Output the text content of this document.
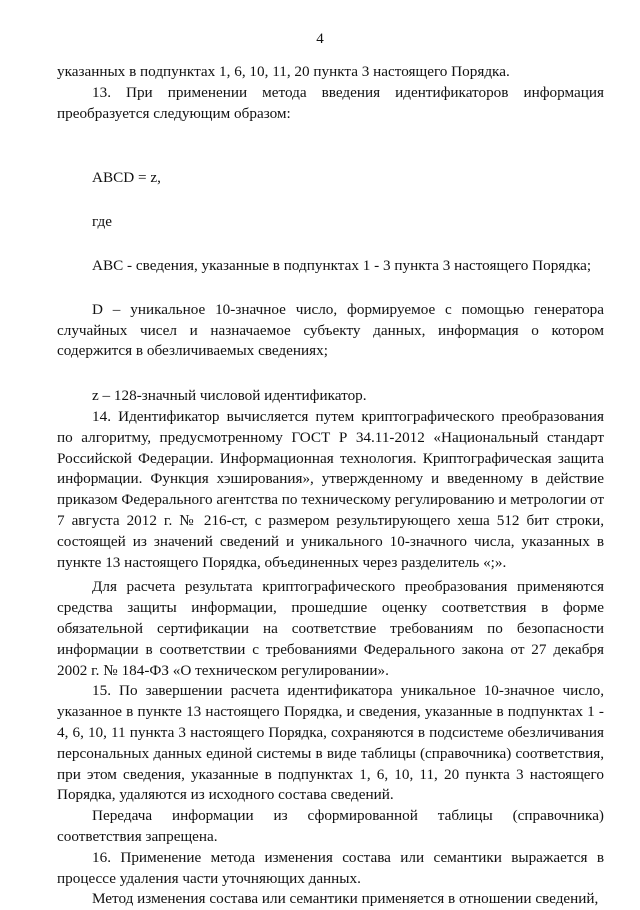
4

указанных в подпунктах 1, 6, 10, 11, 20 пункта 3 настоящего Порядка.

13. При применении метода введения идентификаторов информация преобразуется следующим образом:

ABCD = z,

где

ABC - сведения, указанные в подпунктах 1 - 3 пункта 3 настоящего Порядка;

D – уникальное 10-значное число, формируемое с помощью генератора случайных чисел и назначаемое субъекту данных, информация о котором содержится в обезличиваемых сведениях;

z – 128-значный числовой идентификатор.

14. Идентификатор вычисляется путем криптографического преобразования по алгоритму, предусмотренному ГОСТ Р 34.11-2012 «Национальный стандарт Российской Федерации. Информационная технология. Криптографическая защита информации. Функция хэширования», утвержденному и введенному в действие приказом Федерального агентства по техническому регулированию и метрологии от 7 августа 2012 г. № 216-ст, с размером результирующего хеша 512 бит строки, состоящей из значений сведений и уникального 10-значного числа, указанных в пункте 13 настоящего Порядка, объединенных через разделитель «;».

Для расчета результата криптографического преобразования применяются средства защиты информации, прошедшие оценку соответствия в форме обязательной сертификации на соответствие требованиям по безопасности информации в соответствии с требованиями Федерального закона от 27 декабря 2002 г. № 184-ФЗ «О техническом регулировании».

15. По завершении расчета идентификатора уникальное 10-значное число, указанное в пункте 13 настоящего Порядка, и сведения, указанные в подпунктах 1 - 4, 6, 10, 11 пункта 3 настоящего Порядка, сохраняются в подсистеме обезличивания персональных данных единой системы в виде таблицы (справочника) соответствия, при этом сведения, указанные в подпунктах 1, 6, 10, 11, 20 пункта 3 настоящего Порядка, удаляются из исходного состава сведений.

Передача информации из сформированной таблицы (справочника) соответствия запрещена.

16. Применение метода изменения состава или семантики выражается в процессе удаления части уточняющих данных.

Метод изменения состава или семантики применяется в отношении сведений,
